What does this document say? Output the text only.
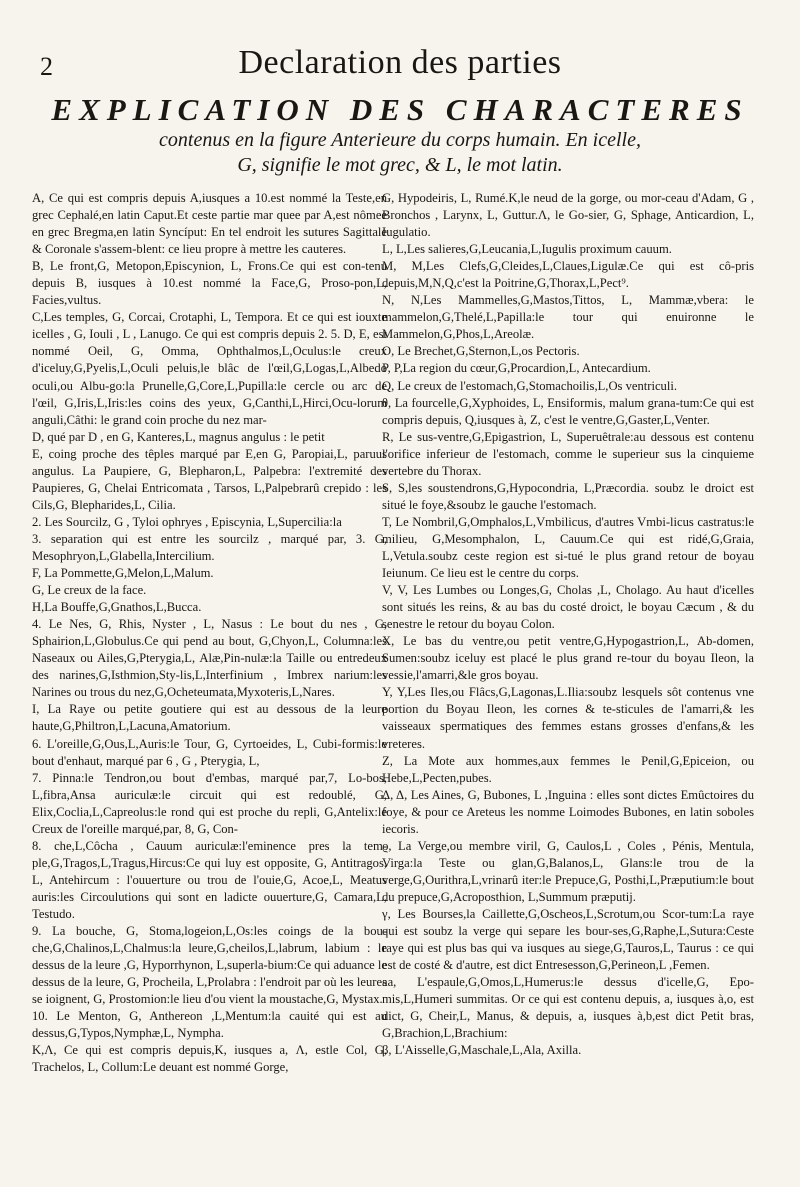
2	Declaration des parties
EXPLICATION DES CHARACTERES
contenus en la figure Anterieure du corps humain. En icelle,
G, signifie le mot grec, & L, le mot latin.

A, Ce qui est compris depuis A,iusques a 10.est nommé la Teste,en grec Cephalé,en latin Caput.Et ceste partie mar quee par A,est nômee en grec Bregma,en latin Syncíput: En tel endroit les sutures Sagittale & Coronale s'assem-blent: ce lieu propre à mettre les cauteres.

B, Le front,G, Metopon,Episcynion, L, Frons.Ce qui est con-tenu depuis B, iusques à 10.est nommé la Face,G, Proso-pon,L, Facies,vultus.

C,Les temples, G, Corcai, Crotaphi, L, Tempora. Et ce qui est iouxte icelles , G, Iouli , L , Lanugo. Ce qui est compris depuis 2. 5. D, E, est nommé Oeil, G, Omma, Ophthalmos,L,Oculus:le creux d'iceluy,G,Pyelis,L,Oculi peluis,le blâc de l'œil,G,Logas,L,Albedo oculi,ou Albu-go:la Prunelle,G,Core,L,Pupilla:le cercle ou arc de l'œil, G,Iris,L,Iris:les coins des yeux, G,Canthi,L,Hirci,Ocu-lorum anguli,Câthi: le grand coin proche du nez mar-

D, qué par D , en G, Kanteres,L, magnus angulus : le petit

E, coing proche des têples marqué par E,en G, Paropiai,L, paruus angulus. La Paupiere, G, Blepharon,L, Palpebra: l'extremité des Paupieres, G, Chelai Entricomata , Tarsos, L,Palpebrarû crepido : les Cils,G, Blepharides,L, Cilia.

2. Les Sourcilz, G , Tyloi ophryes , Episcynia, L,Supercilia:la

3. separation qui est entre les sourcilz , marqué par, 3. G, Mesophryon,L,Glabella,Intercilium.

F, La Pommette,G,Melon,L,Malum.

G, Le creux de la face.

H,La Bouffe,G,Gnathos,L,Bucca.

4. Le Nes, G, Rhis, Nyster , L, Nasus : Le bout du nes , G, Sphairion,L,Globulus.Ce qui pend au bout, G,Chyon,L, Columna:les Naseaux ou Ailes,G,Pterygia,L, Alæ,Pin-nulæ:la Taille ou entredeux des narines,G,Isthmion,Sty-lis,L,Interfinium , Imbrex narium:les Narines ou trous du nez,G,Ocheteumata,Myxoteris,L,Nares.

I, La Raye ou petite goutiere qui est au dessous de la leure haute,G,Philtron,L,Lacuna,Amatorium.

6. L'oreille,G,Ous,L,Auris:le Tour, G, Cyrtoeides, L, Cubi-formis:le bout d'enhaut, marqué par 6 , G , Pterygia, L,

7. Pinna:le Tendron,ou bout d'embas, marqué par,7, Lo-bos, L,fibra,Ansa auriculæ:le circuit qui est redoublé, G, Elix,Coclia,L,Capreolus:le rond qui est proche du repli, G,Antelix:le Creux de l'oreille marqué,par, 8, G, Con-

8. che,L,Côcha , Cauum auriculæ:l'eminence pres la tem-ple,G,Tragos,L,Tragus,Hircus:Ce qui luy est opposite, G, Antitragos, L, Antehircum : l'ouuerture ou trou de l'ouie,G, Acoe,L, Meatus auris:les Circoulutions qui sont en ladicte ouuerture,G, Camara,L, Testudo.

9. La bouche, G, Stoma,logeion,L,Os:les coings de la bou-che,G,Chalinos,L,Chalmus:la leure,G,cheilos,L,labrum, labium : le dessus de la leure ,G, Hyporrhynon, L,superla-bium:Ce qui aduance le dessus de la leure, G, Procheila, L,Prolabra : l'endroit par où les leures se ioignent, G, Prostomion:le lieu d'ou vient la moustache,G, Mystax.

10. Le Menton, G, Anthereon ,L,Mentum:la cauité qui est au dessus,G,Typos,Nymphæ,L, Nympha.

K,Λ, Ce qui est compris depuis,K, iusques a, Λ, estle Col, G, Trachelos, L, Collum:Le deuant est nommé Gorge,

G, Hypodeiris, L, Rumé.K,le neud de la gorge, ou mor-ceau d'Adam, G , Bronchos , Larynx, L, Guttur.Λ, le Go-sier, G, Sphage, Anticardion, L, Iugulatio.

L, L,Les salieres,G,Leucania,L,Iugulis proximum cauum.

M, M,Les Clefs,G,Cleides,L,Claues,Ligulæ.Ce qui est cô-pris depuis,M,N,Q,c'est la Poitrine,G,Thorax,L,Pect⁹.

N, N,Les Mammelles,G,Mastos,Tittos, L, Mammæ,vbera: le mammelon,G,Thelé,L,Papilla:le tour qui enuironne le Mammelon,G,Phos,L,Areolæ.

O, Le Brechet,G,Sternon,L,os Pectoris.

P, P,La region du cœur,G,Procardion,L, Antecardium.

Q, Le creux de l'estomach,G,Stomachoilis,L,Os ventriculi.

θ, La fourcelle,G,Xyphoides, L, Ensiformis, malum grana-tum:Ce qui est compris depuis, Q,iusques à, Z, c'est le ventre,G,Gaster,L,Venter.

R, Le sus-ventre,G,Epigastrion, L, Superuêtrale:au dessous est contenu l'orifice inferieur de l'estomach, comme le superieur sus la cinquieme vertebre du Thorax.

S, S,les soustendrons,G,Hypocondria, L,Præcordia. soubz le droict est situé le foye,&soubz le gauche l'estomach.

T, Le Nombril,G,Omphalos,L,Vmbilicus, d'autres Vmbi-licus castratus:le milieu, G,Mesomphalon, L, Cauum.Ce qui est ridé,G,Graia, L,Vetula.soubz ceste region est si-tué le plus grand retour de boyau Ieiunum. Ce lieu est le centre du corps.

V, V, Les Lumbes ou Longes,G, Cholas ,L, Cholago. Au haut d'icelles sont situés les reins, & au bas du costé droict, le boyau Cæcum , & du senestre le retour du boyau Colon.

X, Le bas du ventre,ou petit ventre,G,Hypogastrion,L, Ab-domen, Sumen:soubz iceluy est placé le plus grand re-tour du boyau Ileon, la vessie,l'amarri,&le gros boyau.

Y, Y,Les Iles,ou Flâcs,G,Lagonas,L.Ilia:soubz lesquels sôt contenus vne portion du Boyau Ileon, les cornes & te-sticules de l'amarri,& les vaisseaux spermatiques des femmes estans grosses d'enfans,& les vreteres.

Z, La Mote aux hommes,aux femmes le Penil,G,Epiceion, ou Hebe,L,Pecten,pubes.

Δ, Δ, Les Aines, G, Bubones, L ,Inguina : elles sont dictes Emûctoires du foye, & pour ce Areteus les nomme Loimodes Bubones, en latin soboles iecoris.

ϱ, La Verge,ou membre viril, G, Caulos,L , Coles , Pénis, Mentula, Virga:la Teste ou glan,G,Balanos,L, Glans:le trou de la verge,G,Ourithra,L,vrinarû iter:le Prepuce,G, Posthi,L,Præputium:le bout du prepuce,G,Acroposthion, L,Summum præputij.

γ, Les Bourses,la Caillette,G,Oscheos,L,Scrotum,ou Scor-tum:La raye qui est soubz la verge qui separe les bour-ses,G,Raphe,L,Sutura:Ceste raye qui est plus bas qui va iusques au siege,G,Tauros,L, Taurus : ce qui est de costé & d'autre, est dict Entresesson,G,Perineon,L ,Femen.

aa, L'espaule,G,Omos,L,Humerus:le dessus d'icelle,G, Epo-mis,L,Humeri summitas. Or ce qui est contenu depuis, a, iusques à,o, est dict, G, Cheir,L, Manus, & depuis, a, iusques à,b,est dict Petit bras, G,Brachion,L,Brachium:

β, L'Aisselle,G,Maschale,L,Ala, Axilla.
